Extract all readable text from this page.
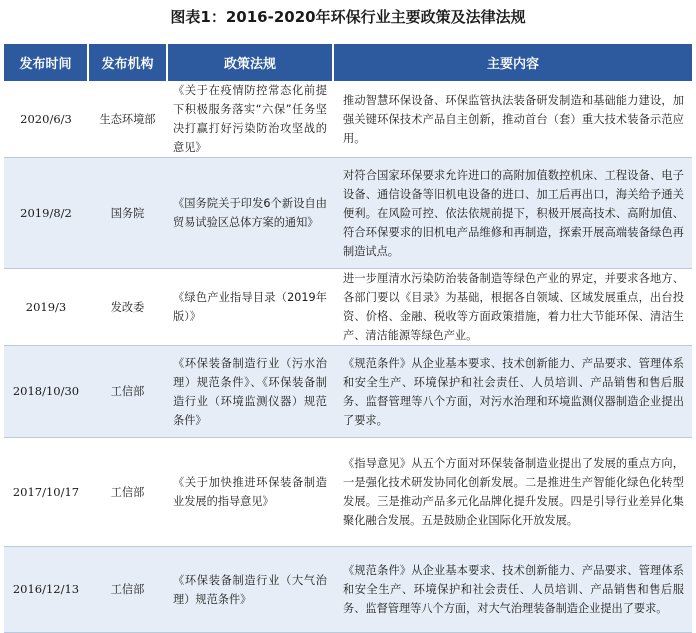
图表1：2016-2020年环保行业主要政策及法律法规
发布时间	发布机构	政策法规	主要内容
2020/6/3	生态环境部	《关于在疫情防控常态化前提下积极服务落实“六保”任务坚决打赢打好污染防治攻坚战的意见》	推动智慧环保设备、环保监管执法装备研发制造和基础能力建设，加强关键环保技术产品自主创新，推动首台（套）重大技术装备示范应用。
2019/8/2	国务院	《国务院关于印发6个新设自由贸易试验区总体方案的通知》	对符合国家环保要求允许进口的高附加值数控机床、工程设备、电子设备、通信设备等旧机电设备的进口、加工后再出口，海关给予通关便利。在风险可控、依法依规前提下，积极开展高技术、高附加值、符合环保要求的旧机电产品维修和再制造，探索开展高端装备绿色再制造试点。
2019/3	发改委	《绿色产业指导目录（2019年版）》	进一步厘清水污染防治装备制造等绿色产业的界定，并要求各地方、各部门要以《目录》为基础，根据各自领域、区域发展重点，出台投资、价格、金融、税收等方面政策措施，着力壮大节能环保、清洁生产、清洁能源等绿色产业。
2018/10/30	工信部	《环保装备制造行业（污水治理）规范条件》、《环保装备制造行业（环境监测仪器）规范条件》	《规范条件》从企业基本要求、技术创新能力、产品要求、管理体系和安全生产、环境保护和社会责任、人员培训、产品销售和售后服务、监督管理等八个方面，对污水治理和环境监测仪器制造企业提出了要求。
2017/10/17	工信部	《关于加快推进环保装备制造业发展的指导意见》	《指导意见》从五个方面对环保装备制造业提出了发展的重点方向，一是强化技术研发协同化创新发展。二是推进生产智能化绿色化转型发展。三是推动产品多元化品牌化提升发展。四是引导行业差异化集聚化融合发展。五是鼓励企业国际化开放发展。
2016/12/13	工信部	《环保装备制造行业（大气治理）规范条件》	《规范条件》从企业基本要求、技术创新能力、产品要求、管理体系和安全生产、环境保护和社会责任、人员培训、产品销售和售后服务、监督管理等八个方面，对大气治理装备制造企业提出了要求。
